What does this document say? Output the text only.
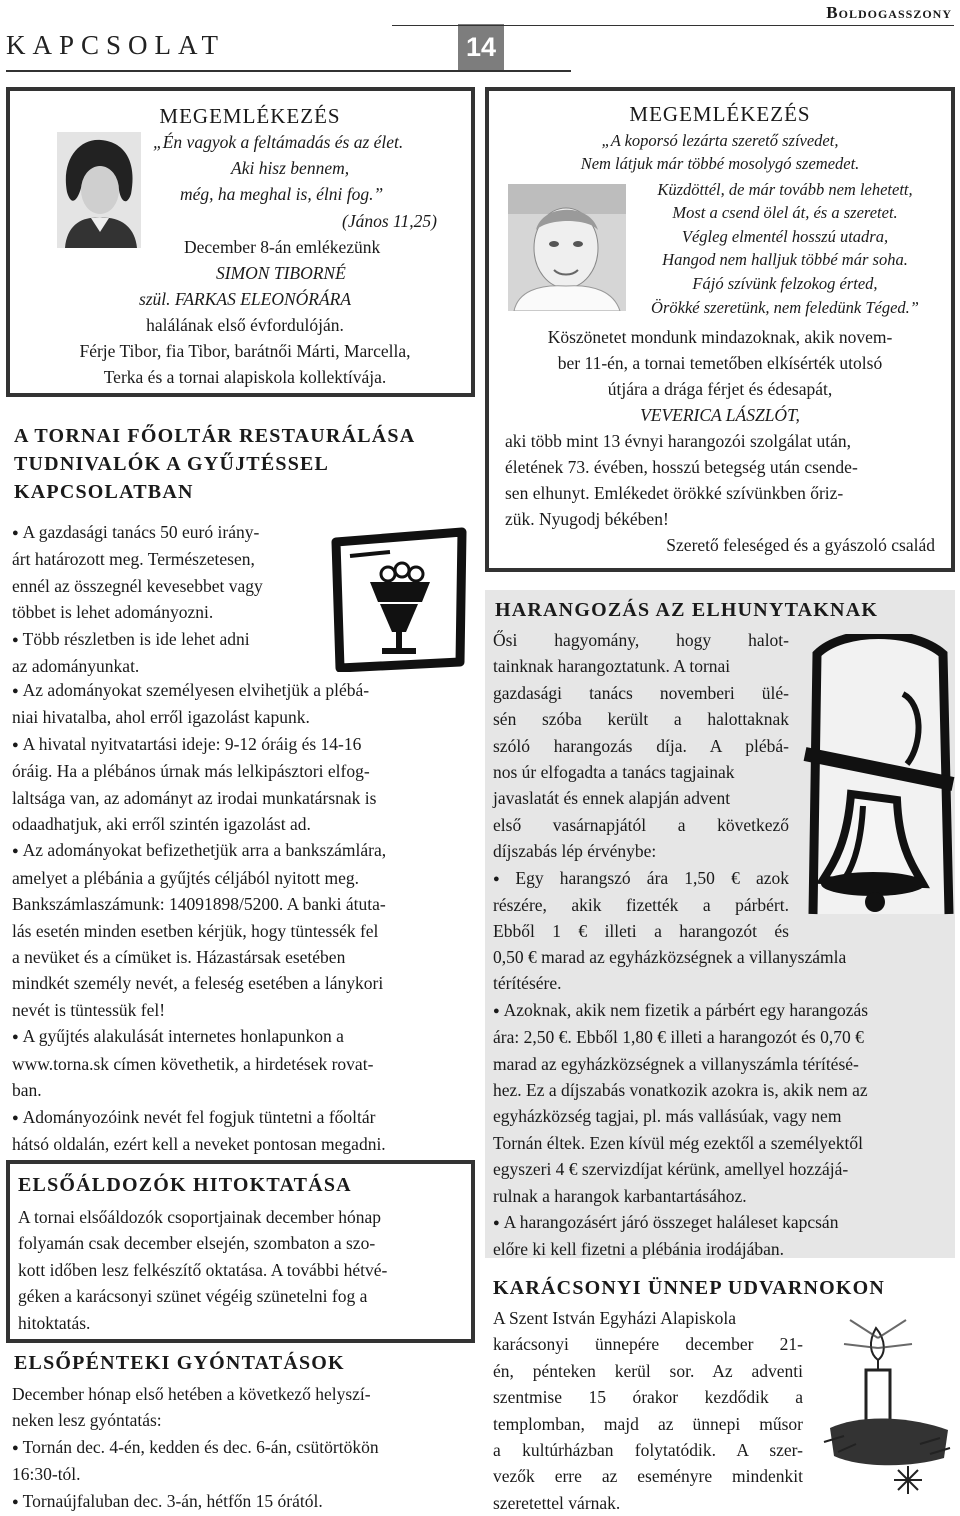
KAPCSOLAT	14
Boldogasszony
MEGEMLÉKEZÉS
„Én vagyok a feltámadás és az élet.
Aki hisz bennem,
még, ha meghal is, élni fog.”
(János 11,25)
December 8-án emlékezünk
SIMON TIBORNÉ
szül. FARKAS ELEONÓRÁRA
halálának első évfordulóján.
Férje Tibor, fia Tibor, barátnői Márti, Marcella,
Terka és a tornai alapiskola kollektívája.
A TORNAI FŐOLTÁR RESTAURÁLÁSA
TUDNIVALÓK A GYŰJTÉSSEL
KAPCSOLATBAN
● A gazdasági tanács 50 euró irány-
árt határozott meg. Természetesen,
ennél az összegnél kevesebbet vagy
többet is lehet adományozni.
● Több részletben is ide lehet adni
az adományunkat.
● Az adományokat személyesen elvihetjük a plébá-
niai hivatalba, ahol erről igazolást kapunk.
● A hivatal nyitvatartási ideje: 9-12 óráig és 14-16
óráig. Ha a plébános úrnak más lelkipásztori elfog-
laltsága van, az adományt az irodai munkatársnak is
odaadhatjuk, aki erről szintén igazolást ad.
● Az adományokat befizethetjük arra a bankszámlára,
amelyet a plébánia a gyűjtés céljából nyitott meg.
Bankszámlaszámunk: 14091898/5200. A banki átuta-
lás esetén minden esetben kérjük, hogy tüntessék fel
a nevüket és a címüket is. Házastársak esetében
mindkét személy nevét, a feleség esetében a lánykori
nevét is tüntessük fel!
● A gyűjtés alakulását internetes honlapunkon a
www.torna.sk címen követhetik, a hirdetések rovat-
ban.
● Adományozóink nevét fel fogjuk tüntetni a főoltár
hátsó oldalán, ezért kell a neveket pontosan megadni.
ELSŐÁLDOZÓK HITOKTATÁSA
A tornai elsőáldozók csoportjainak december hónap
folyamán csak december elsején, szombaton a szo-
kott időben lesz felkészítő oktatása. A további hétvé-
géken a karácsonyi szünet végéig szünetelni fog a
hitoktatás.
ELSŐPÉNTEKI GYÓNTATÁSOK
December hónap első hetében a következő helyszí-
neken lesz gyóntatás:
● Tornán dec. 4-én, kedden és dec. 6-án, csütörtökön
16:30-tól.
● Tornaújfaluban dec. 3-án, hétfőn 15 órától.
MEGEMLÉKEZÉS
„A koporsó lezárta szerető szívedet,
Nem látjuk már többé mosolygó szemedet.
Küzdöttél, de már tovább nem lehetett,
Most a csend ölel át, és a szeretet.
Végleg elmentél hosszú utadra,
Hangod nem halljuk többé már soha.
Fájó szívünk felzokog érted,
Örökké szeretünk, nem feledünk Téged.”
Köszönetet mondunk mindazoknak, akik novem-
ber 11-én, a tornai temetőben elkísérték utolsó
útjára a drága férjet és édesapát,
VEVERICA LÁSZLÓT,
aki több mint 13 évnyi harangozói szolgálat után,
életének 73. évében, hosszú betegség után csende-
sen elhunyt. Emlékedet örökké szívünkben őriz-
zük. Nyugodj békében!
Szerető feleséged és a gyászoló család
HARANGOZÁS AZ ELHUNYTAKNAK
Ősi hagyomány, hogy halot-
tainknak harangoztatunk. A tornai
gazdasági tanács novemberi ülé-
sén szóba került a halottaknak
szóló harangozás díja. A plébá-
nos úr elfogadta a tanács tagjainak
javaslatát és ennek alapján advent
első vasárnapjától a következő
díjszabás lép érvénybe:
● Egy harangszó ára 1,50 € azok
részére, akik fizették a párbért.
Ebből 1 € illeti a harangozót és
0,50 € marad az egyházközségnek a villanyszámla
térítésére.
● Azoknak, akik nem fizetik a párbért egy harangozás
ára: 2,50 €. Ebből 1,80 € illeti a harangozót és 0,70 €
marad az egyházközségnek a villanyszámla térítésé-
hez. Ez a díjszabás vonatkozik azokra is, akik nem az
egyházközség tagjai, pl. más vallásúak, vagy nem
Tornán éltek. Ezen kívül még ezektől a személyektől
egyszeri 4 € szervizdíjat kérünk, amellyel hozzájá-
rulnak a harangok karbantartásához.
● A harangozásért járó összeget haláleset kapcsán
előre ki kell fizetni a plébánia irodájában.
KARÁCSONYI ÜNNEP UDVARNOKON
A Szent István Egyházi Alapiskola
karácsonyi ünnepére december 21-
én, pénteken kerül sor. Az adventi
szentmise 15 órakor kezdődik a
templomban, majd az ünnepi műsor
a kultúrházban folytatódik. A szer-
vezők erre az eseményre mindenkit
szeretettel várnak.
